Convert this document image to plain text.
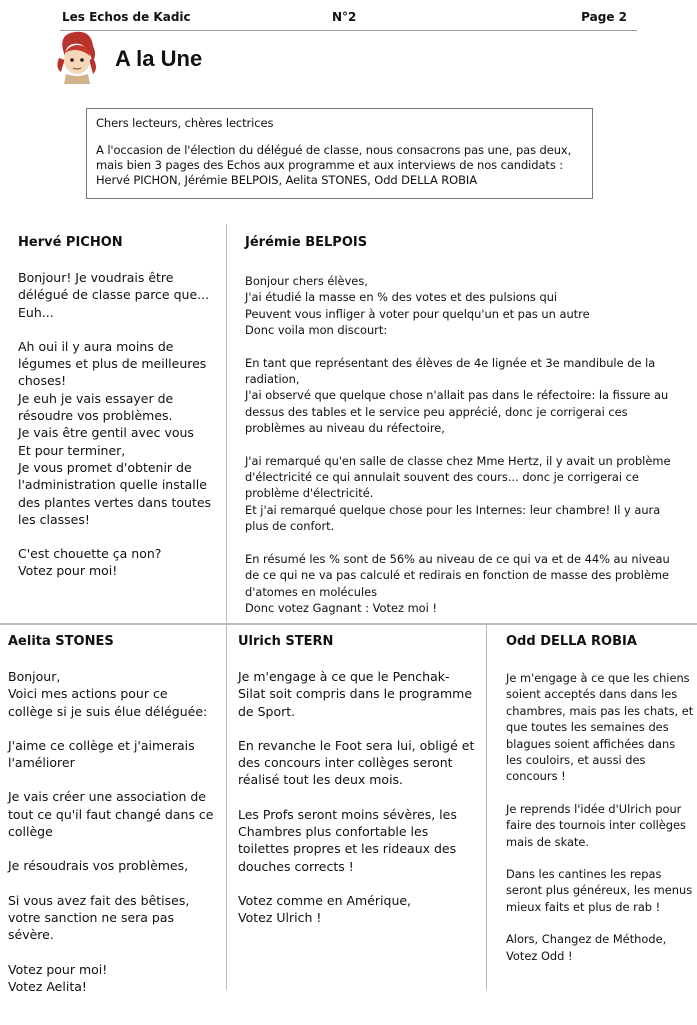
Les Echos de Kadic	N°2	Page 2
A la Une

Chers lecteurs, chères lectrices

A l'occasion de l'élection du délégué de classe, nous consacrons pas une, pas deux, mais bien 3 pages des Echos aux programme et aux interviews de nos candidats : Hervé PICHON, Jérémie BELPOIS, Aelita STONES, Odd DELLA ROBIA

Hervé PICHON

Bonjour! Je voudrais être délégué de classe parce que... Euh...

Ah oui il y aura moins de légumes et plus de meilleures choses!
Je euh je vais essayer de résoudre vos problèmes.
Je vais être gentil avec vous
Et pour terminer,
Je vous promet d'obtenir de l'administration quelle installe des plantes vertes dans toutes les classes!

C'est chouette ça non?
Votez pour moi!

Jérémie BELPOIS

Bonjour chers élèves,
J'ai étudié la masse en % des votes et des pulsions qui
Peuvent vous infliger à voter pour quelqu'un et pas un autre
Donc voila mon discourt:

En tant que représentant des élèves de 4e lignée et 3e mandibule de la radiation,
J'ai observé que quelque chose n'allait pas dans le réfectoire: la fissure au dessus des tables et le service peu apprécié, donc je corrigerai ces problèmes au niveau du réfectoire,

J'ai remarqué qu'en salle de classe chez Mme Hertz, il y avait un problème d'électricité ce qui annulait souvent des cours... donc je corrigerai ce problème d'électricité.
Et j'ai remarqué quelque chose pour les Internes: leur chambre! Il y aura plus de confort.

En résumé les % sont de 56% au niveau de ce qui va et de 44% au niveau de ce qui ne va pas calculé et redirais en fonction de masse des problème d'atomes en molécules
Donc votez Gagnant : Votez moi !

Aelita STONES

Bonjour,
Voici mes actions pour ce collège si je suis élue déléguée:

J'aime ce collège et j'aimerais l'améliorer

Je vais créer une association de tout ce qu'il faut changé dans ce collège

Je résoudrais vos problèmes,

Si vous avez fait des bêtises, votre sanction ne sera pas sévère.

Votez pour moi!
Votez Aelita!

Ulrich STERN

Je m'engage à ce que le Penchak-Silat soit compris dans le programme de Sport.

En revanche le Foot sera lui, obligé et des concours inter collèges seront réalisé tout les deux mois.

Les Profs seront moins sévères, les Chambres plus confortable les toilettes propres et les rideaux des douches corrects !

Votez comme en Amérique,
Votez Ulrich !

Odd DELLA ROBIA

Je m'engage à ce que les chiens soient acceptés dans dans les chambres, mais pas les chats, et que toutes les semaines des blagues soient affichées dans les couloirs, et aussi des concours !

Je reprends l'idée d'Ulrich pour faire des tournois inter collèges mais de skate.

Dans les cantines les repas seront plus généreux, les menus mieux faits et plus de rab !

Alors, Changez de Méthode,
Votez Odd !
